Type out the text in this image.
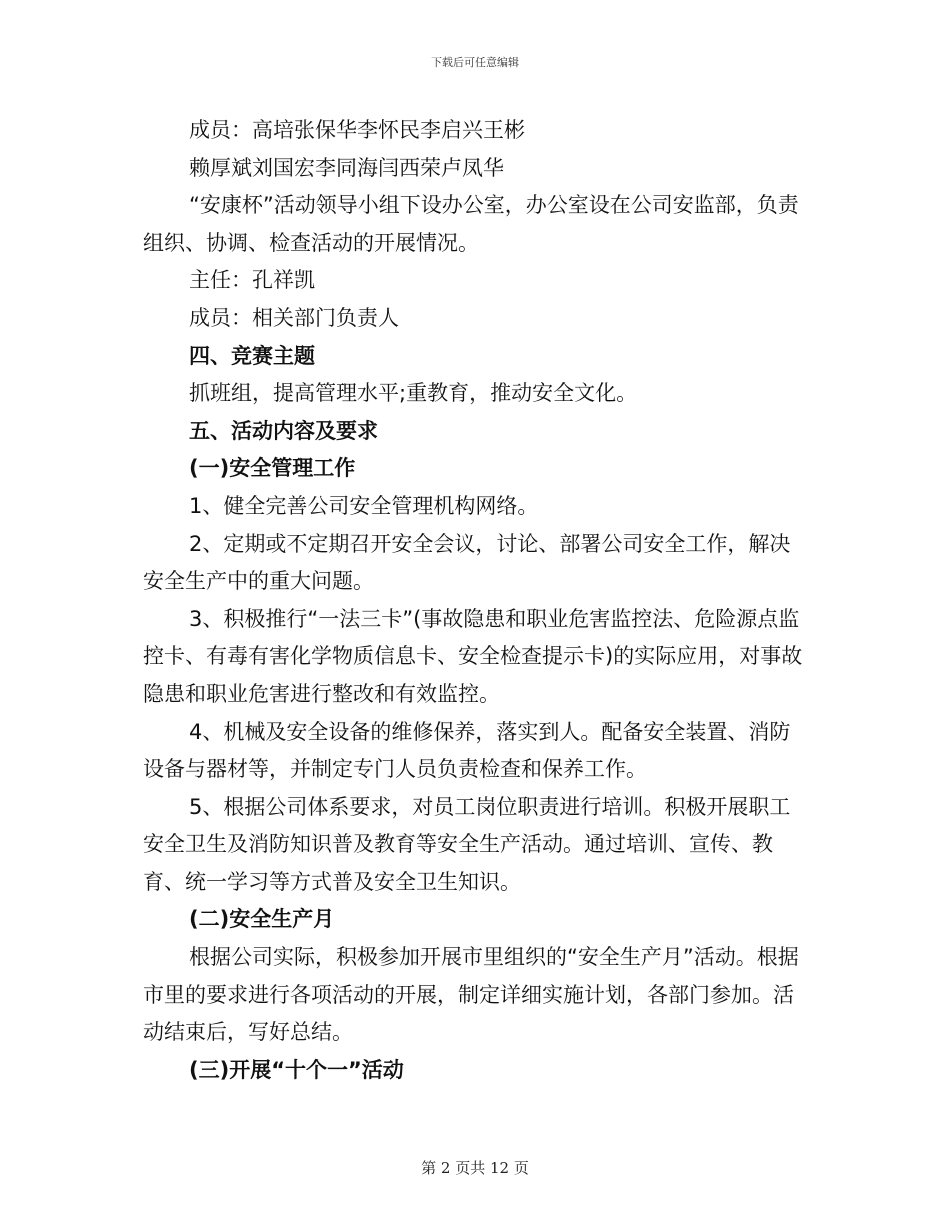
下载后可任意编辑

成员：高培张保华李怀民李启兴王彬

赖厚斌刘国宏李同海闫西荣卢凤华

“安康杯”活动领导小组下设办公室，办公室设在公司安监部，负责组织、协调、检查活动的开展情况。

主任：孔祥凯

成员：相关部门负责人

四、竞赛主题

抓班组，提高管理水平;重教育，推动安全文化。

五、活动内容及要求

(一)安全管理工作

1、健全完善公司安全管理机构网络。

2、定期或不定期召开安全会议，讨论、部署公司安全工作，解决安全生产中的重大问题。

3、积极推行“一法三卡”(事故隐患和职业危害监控法、危险源点监控卡、有毒有害化学物质信息卡、安全检查提示卡)的实际应用，对事故隐患和职业危害进行整改和有效监控。

4、机械及安全设备的维修保养，落实到人。配备安全装置、消防设备与器材等，并制定专门人员负责检查和保养工作。

5、根据公司体系要求，对员工岗位职责进行培训。积极开展职工安全卫生及消防知识普及教育等安全生产活动。通过培训、宣传、教育、统一学习等方式普及安全卫生知识。

(二)安全生产月

根据公司实际，积极参加开展市里组织的“安全生产月”活动。根据市里的要求进行各项活动的开展，制定详细实施计划，各部门参加。活动结束后，写好总结。

(三)开展“十个一”活动

第 2 页共 12 页
